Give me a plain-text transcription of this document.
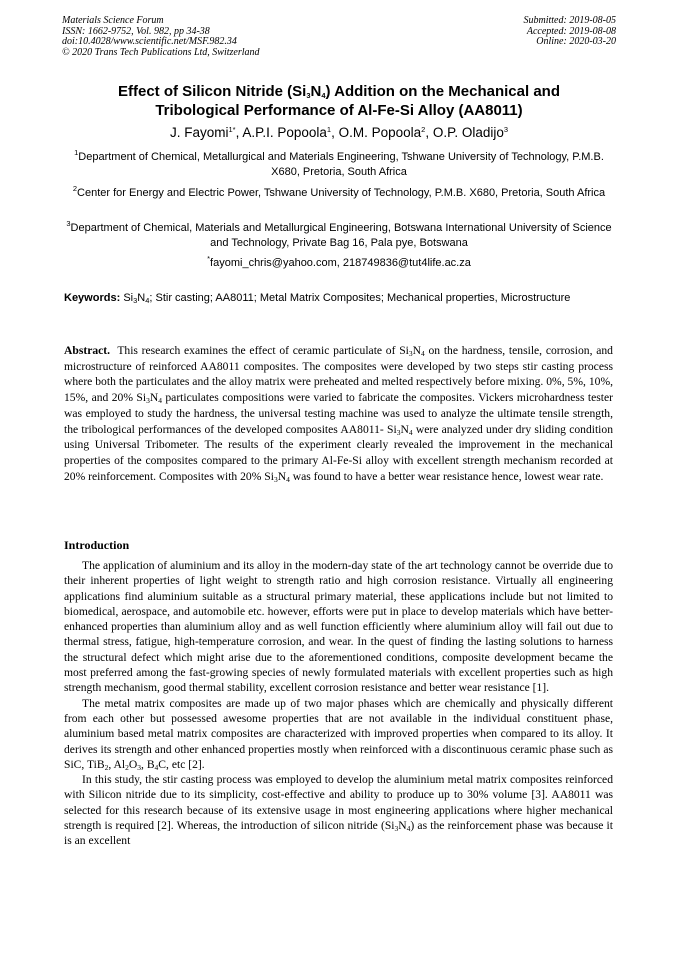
Materials Science Forum
ISSN: 1662-9752, Vol. 982, pp 34-38
doi:10.4028/www.scientific.net/MSF.982.34
© 2020 Trans Tech Publications Ltd, Switzerland
Submitted: 2019-08-05
Accepted: 2019-08-08
Online: 2020-03-20
Effect of Silicon Nitride $(Si_3N_4)$ Addition on the Mechanical and
Tribological Performance of Al-Fe-Si Alloy (AA8011)
J. Fayomi$^{1*}$, A.P.I. Popoola$^1$, O.M. Popoola$^2$, O.P. Oladijo$^3$
$^1$Department of Chemical, Metallurgical and Materials Engineering, Tshwane University of Technology, P.M.B. X680, Pretoria, South Africa
$^2$Center for Energy and Electric Power, Tshwane University of Technology, P.M.B. X680, Pretoria, South Africa
$^3$Department of Chemical, Materials and Metallurgical Engineering, Botswana International University of Science and Technology, Private Bag 16, Pala pye, Botswana
*fayomi_chris@yahoo.com, 218749836@tut4life.ac.za
Keywords: $Si_3N_4$; Stir casting; AA8011; Metal Matrix Composites; Mechanical properties, Microstructure
Abstract. This research examines the effect of ceramic particulate of $Si_3N_4$ on the hardness, tensile, corrosion, and microstructure of reinforced AA8011 composites. The composites were developed by two steps stir casting process where both the particulates and the alloy matrix were preheated and melted respectively before mixing. 0%, 5%, 10%, 15%, and 20% $Si_3N_4$ particulates compositions were varied to fabricate the composites. Vickers microhardness tester was employed to study the hardness, the universal testing machine was used to analyze the ultimate tensile strength, the tribological performances of the developed composites AA8011- $Si_3N_4$ were analyzed under dry sliding condition using Universal Tribometer. The results of the experiment clearly revealed the improvement in the mechanical properties of the composites compared to the primary Al-Fe-Si alloy with excellent strength mechanism recorded at 20% reinforcement. Composites with 20% $Si_3N_4$ was found to have a better wear resistance hence, lowest wear rate.
Introduction

The application of aluminium and its alloy in the modern-day state of the art technology cannot be override due to their inherent properties of light weight to strength ratio and high corrosion resistance. Virtually all engineering applications find aluminium suitable as a structural primary material, these applications include but not limited to biomedical, aerospace, and automobile etc. however, efforts were put in place to develop materials which have better-enhanced properties than aluminium alloy and as well function efficiently where aluminium alloy will fail out due to thermal stress, fatigue, high-temperature corrosion, and wear. In the quest of finding the lasting solutions to harness the structural defect which might arise due to the aforementioned conditions, composite development became the most preferred among the fast-growing species of newly formulated materials with excellent properties such as high strength mechanism, good thermal stability, excellent corrosion resistance and better wear resistance [1].

The metal matrix composites are made up of two major phases which are chemically and physically different from each other but possessed awesome properties that are not available in the individual constituent phase, aluminium based metal matrix composites are characterized with improved properties when compared to its alloy. It derives its strength and other enhanced properties mostly when reinforced with a discontinuous ceramic phase such as SiC, TiB$_2$, $Al_2O_3$, $B_4C$, etc [2].

In this study, the stir casting process was employed to develop the aluminium metal matrix composites reinforced with Silicon nitride due to its simplicity, cost-effective and ability to produce up to 30% volume [3]. AA8011 was selected for this research because of its extensive usage in most engineering applications where higher mechanical strength is required [2]. Whereas, the introduction of silicon nitride $(Si_3N_4)$ as the reinforcement phase was because it is an excellent
